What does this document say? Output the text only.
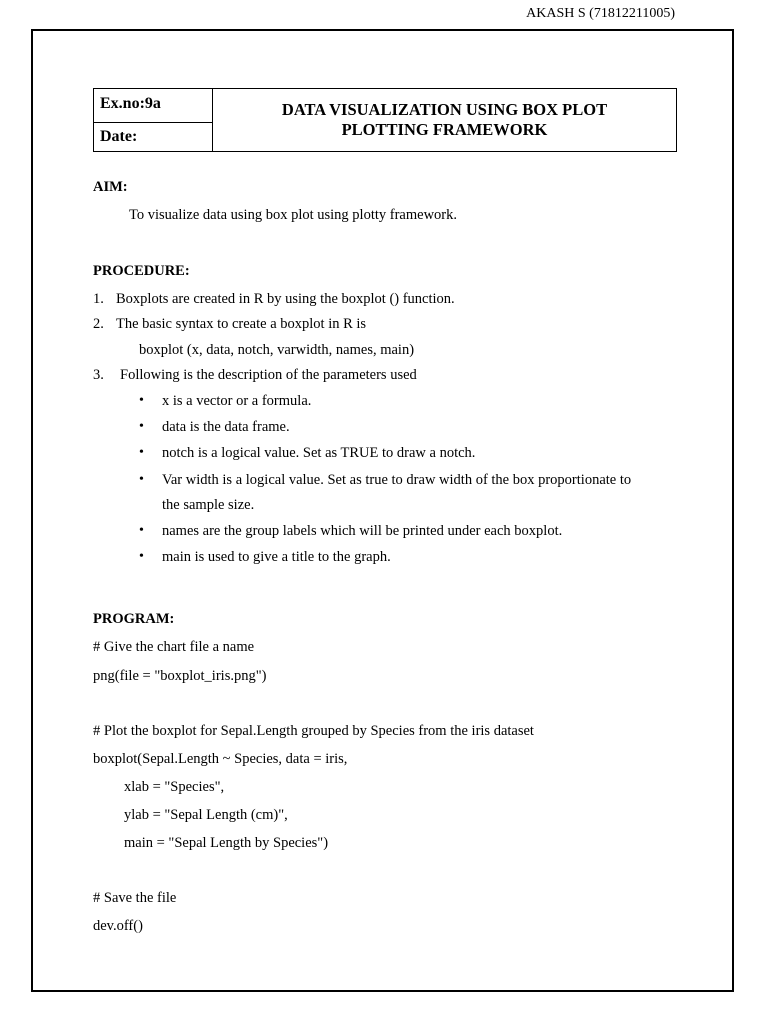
AKASH S (71812211005)
Ex.no:9a
Date:
DATA VISUALIZATION USING BOX PLOT
PLOTTING FRAMEWORK
AIM:
To visualize data using box plot using plotty framework.
PROCEDURE:
1. Boxplots are created in R by using the boxplot () function.
2. The basic syntax to create a boxplot in R is
boxplot (x, data, notch, varwidth, names, main)
3. Following is the description of the parameters used
• x is a vector or a formula.
• data is the data frame.
• notch is a logical value. Set as TRUE to draw a notch.
• Var width is a logical value. Set as true to draw width of the box proportionate to
the sample size.
• names are the group labels which will be printed under each boxplot.
• main is used to give a title to the graph.
PROGRAM:
# Give the chart file a name
png(file = "boxplot_iris.png")
# Plot the boxplot for Sepal.Length grouped by Species from the iris dataset
boxplot(Sepal.Length ~ Species, data = iris,
xlab = "Species",
ylab = "Sepal Length (cm)",
main = "Sepal Length by Species")
# Save the file
dev.off()
